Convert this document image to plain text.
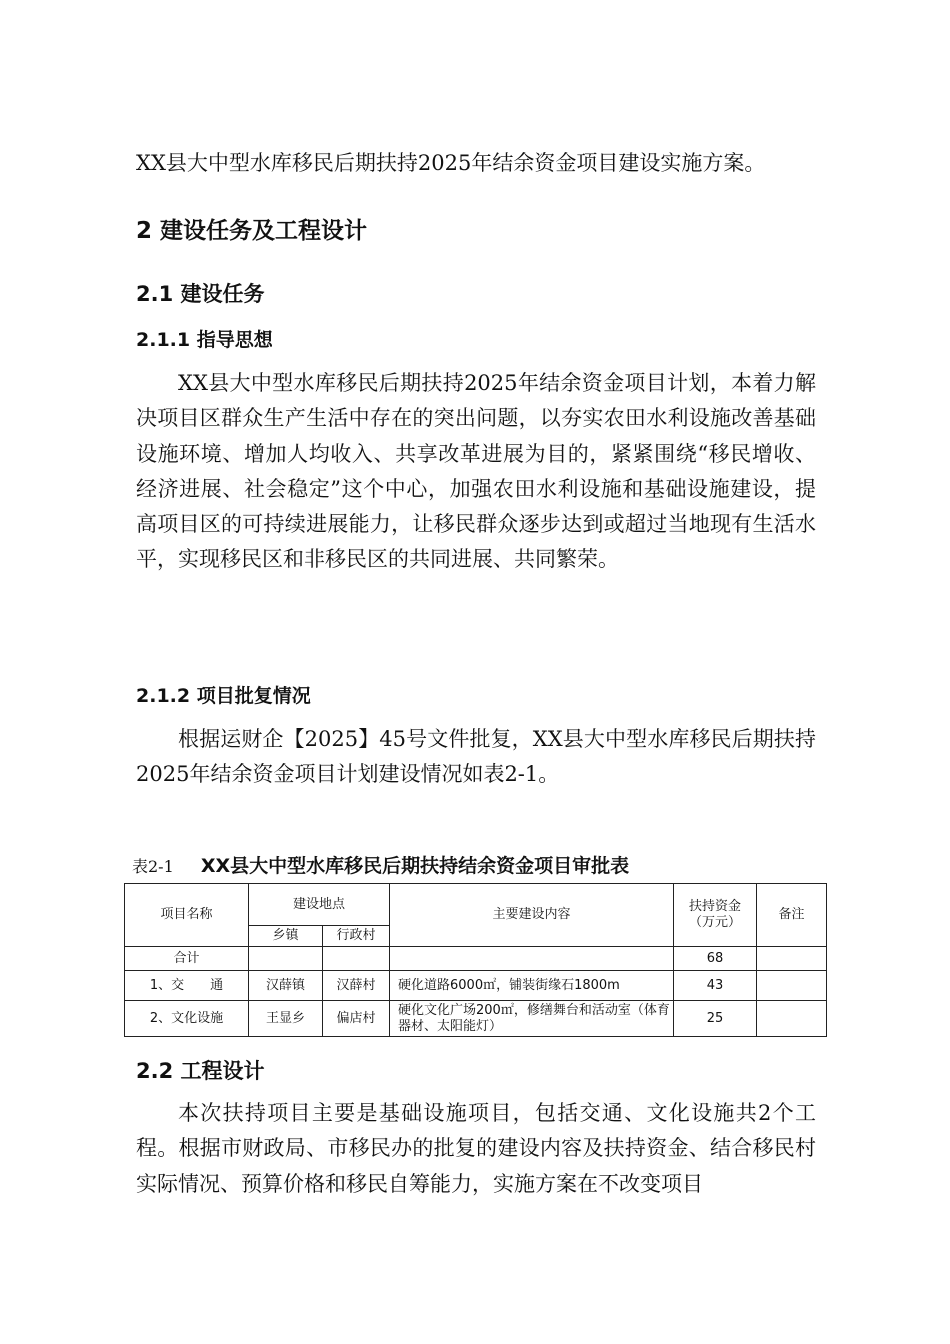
XX县大中型水库移民后期扶持2025年结余资金项目建设实施方案。
2 建设任务及工程设计
2.1 建设任务
2.1.1 指导思想

XX县大中型水库移民后期扶持2025年结余资金项目计划，本着力解决项目区群众生产生活中存在的突出问题，以夯实农田水利设施改善基础设施环境、增加人均收入、共享改革进展为目的，紧紧围绕“移民增收、经济进展、社会稳定”这个中心，加强农田水利设施和基础设施建设，提高项目区的可持续进展能力，让移民群众逐步达到或超过当地现有生活水平，实现移民区和非移民区的共同进展、共同繁荣。

2.1.2 项目批复情况

根据运财企【2025】45号文件批复，XX县大中型水库移民后期扶持2025年结余资金项目计划建设情况如表2-1。

表2-1 XX县大中型水库移民后期扶持结余资金项目审批表
项目名称	建设地点		主要建设内容	扶持资金（万元）	备注
	乡镇	行政村			
合计				68	
1、交　　通	汉薛镇	汉薛村	硬化道路6000㎡，铺装街缘石1800m	43	
2、文化设施	王显乡	偏店村	硬化文化广场200㎡，修缮舞台和活动室（体育器材、太阳能灯）	25	
2.2 工程设计

本次扶持项目主要是基础设施项目，包括交通、文化设施共2个工程。根据市财政局、市移民办的批复的建设内容及扶持资金、结合移民村实际情况、预算价格和移民自筹能力，实施方案在不改变项目
